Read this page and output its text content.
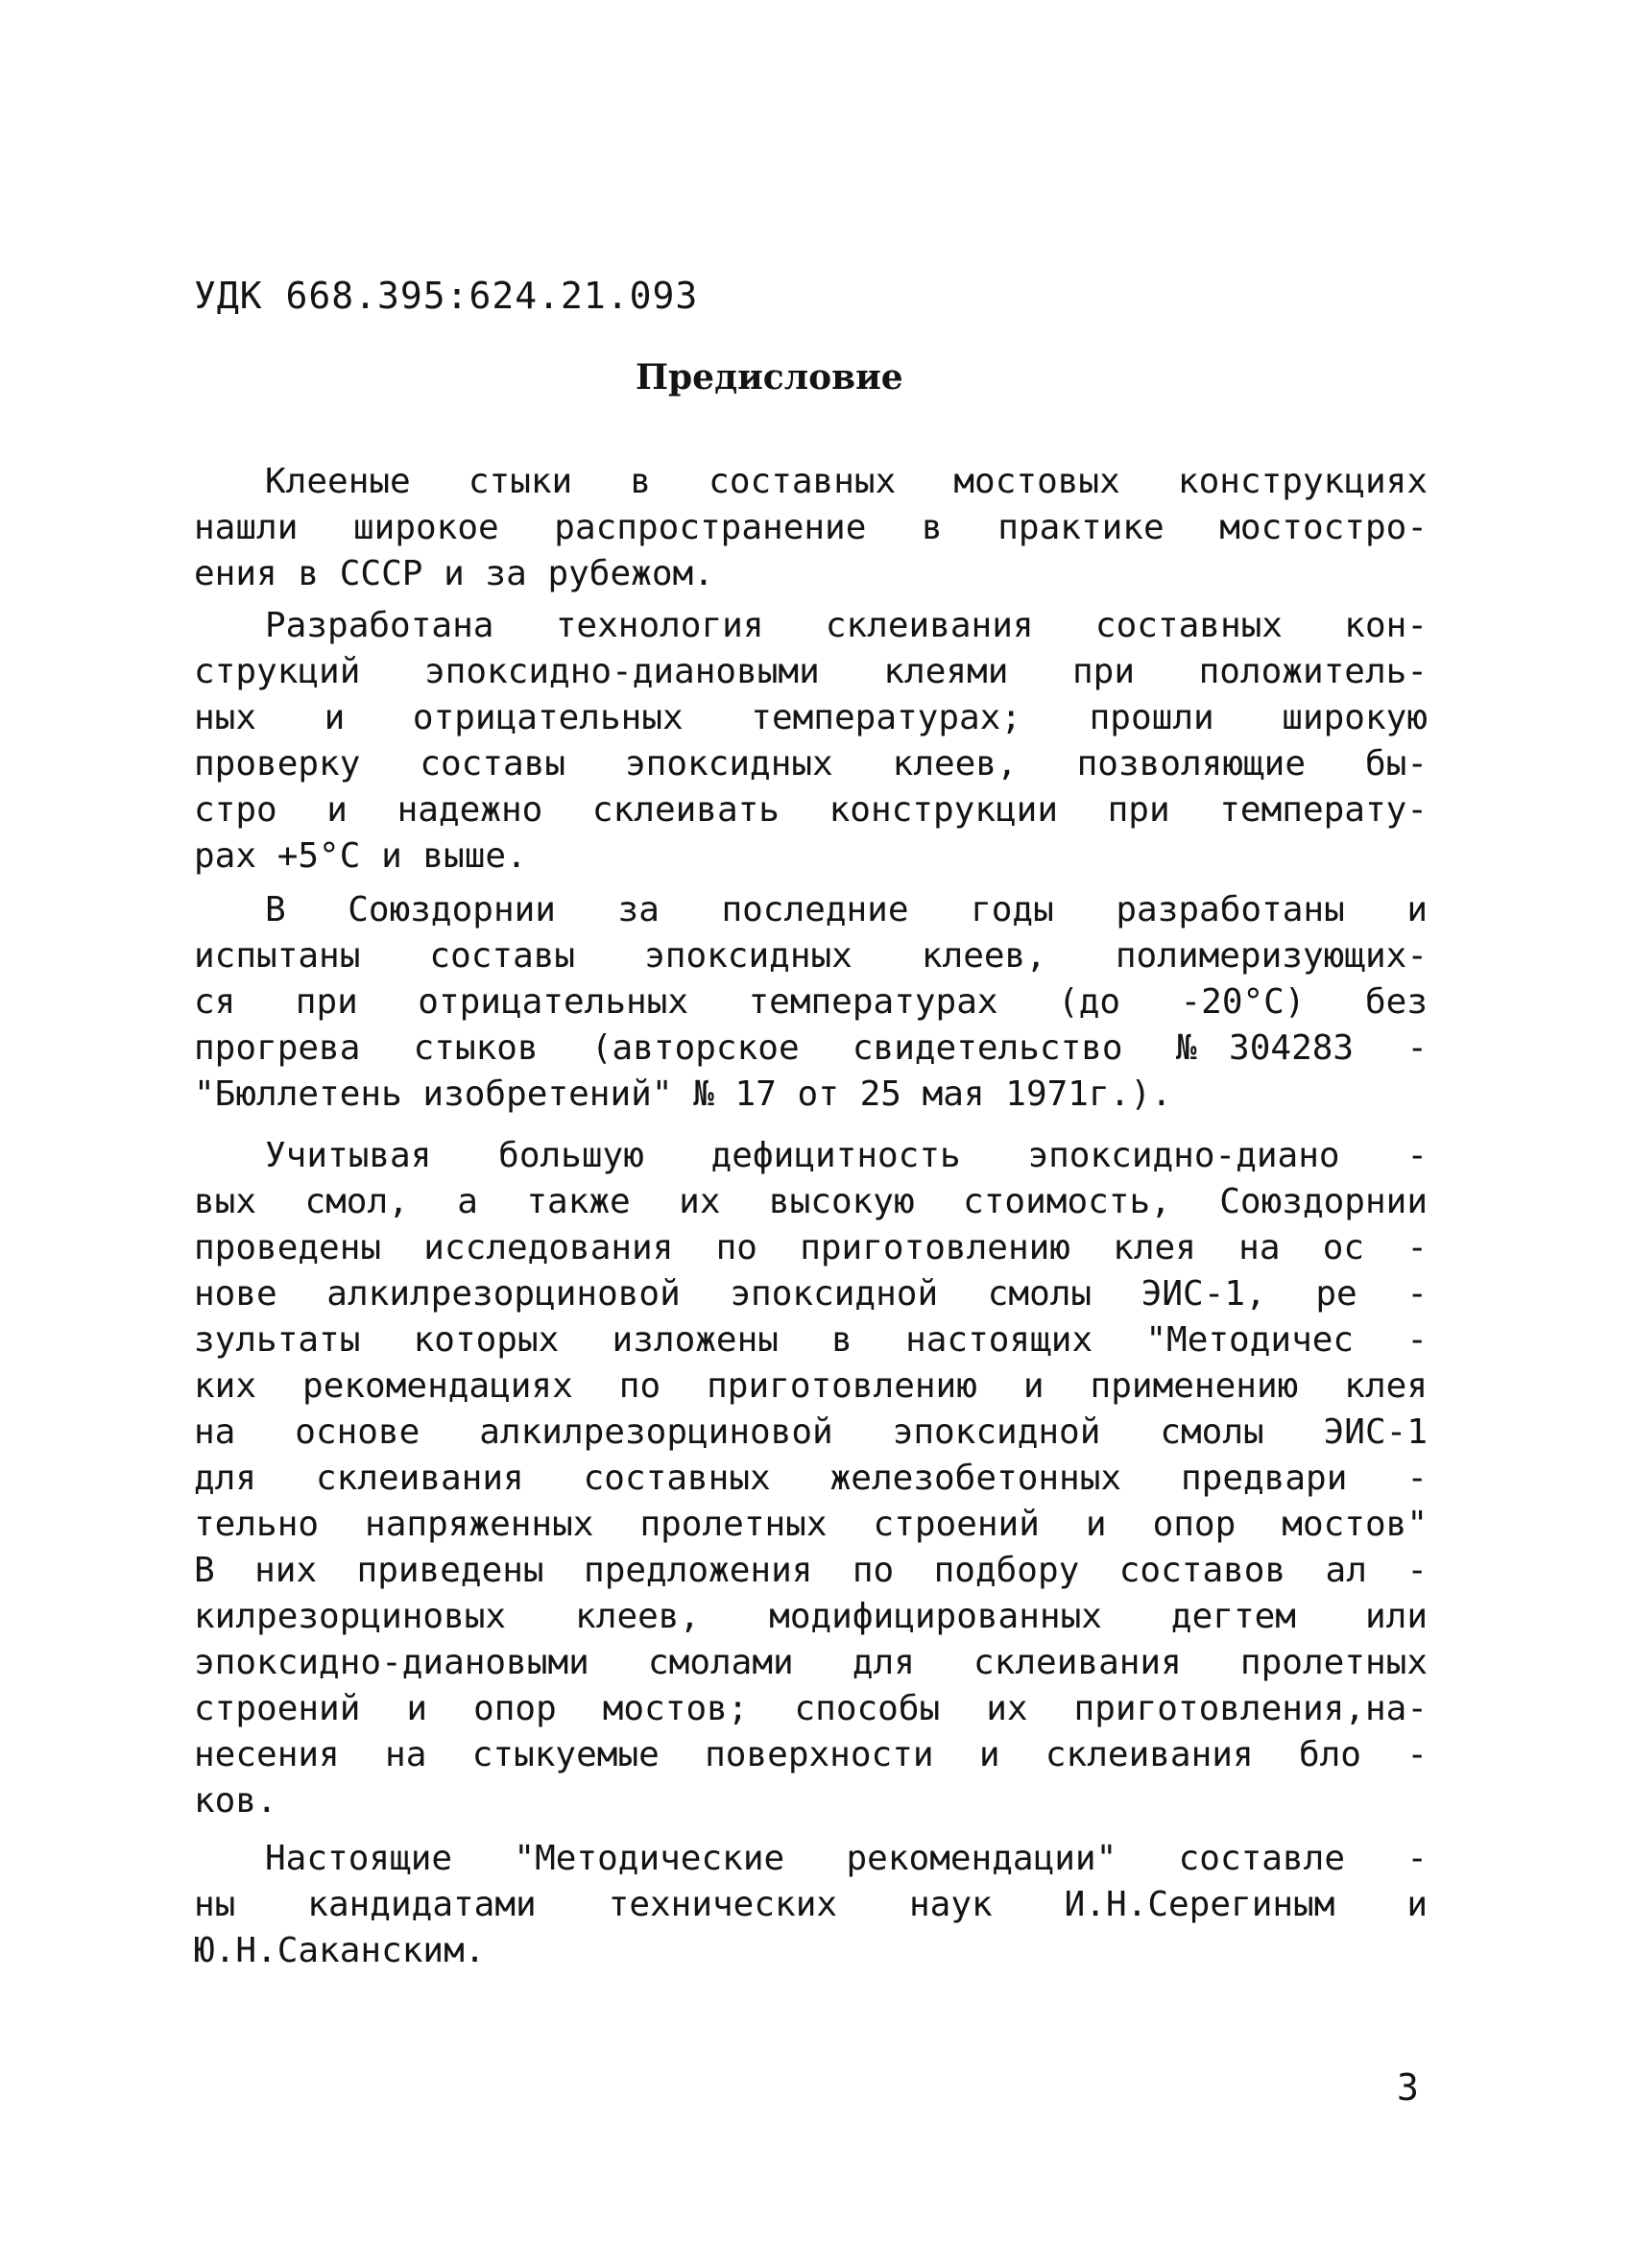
УДК 668.395:624.21.093

Предисловие

Клееные стыки в составных мостовых конструкциях

нашли широкое распространение в практике мостостро-

ения в СССР и за рубежом.

Разработана технология склеивания составных кон-

струкций эпоксидно-диановыми клеями при положитель-

ных и отрицательных температурах; прошли широкую

проверку составы эпоксидных клеев, позволяющие бы-

стро и надежно склеивать конструкции при температу-

рах +5°С и выше.

В Союздорнии за последние годы разработаны и

испытаны составы эпоксидных клеев, полимеризующих-

ся при отрицательных температурах (до -20°С) без

прогрева стыков (авторское свидетельство №304283 -

"Бюллетень изобретений" № 17 от 25 мая 1971г.).

Учитывая большую дефицитность эпоксидно-диано -

вых смол, а также их высокую стоимость, Союздорнии

проведены исследования по приготовлению клея на ос -

нове алкилрезорциновой эпоксидной смолы ЭИС-1, ре -

зультаты которых изложены в настоящих "Методичес -

ких рекомендациях по приготовлению и применению клея

на основе алкилрезорциновой эпоксидной смолы ЭИС-1

для склеивания составных железобетонных предвари -

тельно напряженных пролетных строений и опор мостов"

В них приведены предложения по подбору составов ал -

килрезорциновых клеев, модифицированных дегтем или

эпоксидно-диановыми смолами для склеивания пролетных

строений и опор мостов; способы их приготовления,на-

несения на стыкуемые поверхности и склеивания бло -

ков.

Настоящие "Методические рекомендации" составле -

ны кандидатами технических наук И.Н.Серегиным и

Ю.Н.Саканским.

3
